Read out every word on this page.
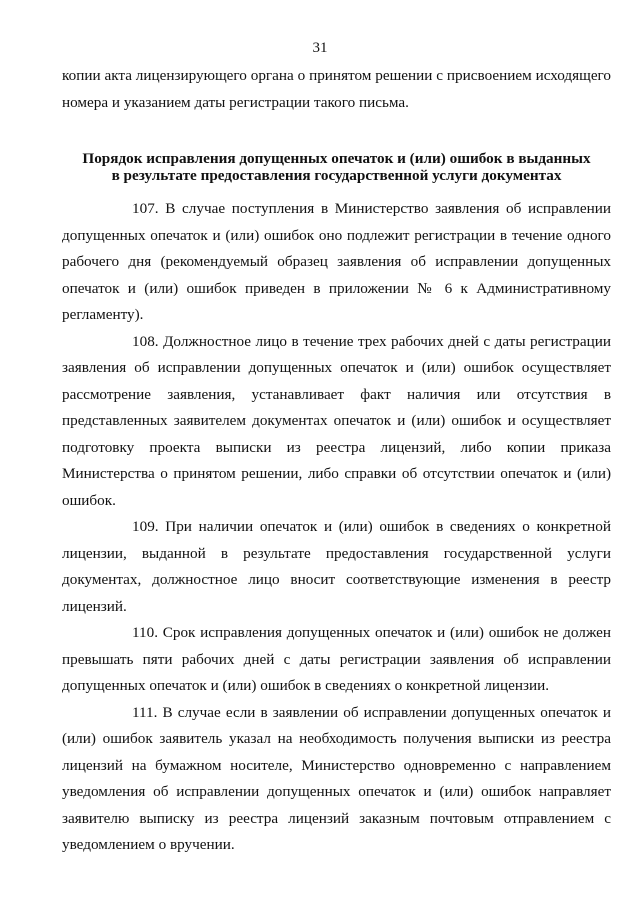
31

копии акта лицензирующего органа о принятом решении с присвоением исходящего номера и указанием даты регистрации такого письма.

Порядок исправления допущенных опечаток и (или) ошибок в выданных
в результате предоставления государственной услуги документах

107. В случае поступления в Министерство заявления об исправлении допущенных опечаток и (или) ошибок оно подлежит регистрации в течение одного рабочего дня (рекомендуемый образец заявления об исправлении допущенных опечаток и (или) ошибок приведен в приложении № 6 к Административному регламенту).

108. Должностное лицо в течение трех рабочих дней с даты регистрации заявления об исправлении допущенных опечаток и (или) ошибок осуществляет рассмотрение заявления, устанавливает факт наличия или отсутствия в представленных заявителем документах опечаток и (или) ошибок и осуществляет подготовку проекта выписки из реестра лицензий, либо копии приказа Министерства о принятом решении, либо справки об отсутствии опечаток и (или) ошибок.

109. При наличии опечаток и (или) ошибок в сведениях о конкретной лицензии, выданной в результате предоставления государственной услуги документах, должностное лицо вносит соответствующие изменения в реестр лицензий.

110. Срок исправления допущенных опечаток и (или) ошибок не должен превышать пяти рабочих дней с даты регистрации заявления об исправлении допущенных опечаток и (или) ошибок в сведениях о конкретной лицензии.

111. В случае если в заявлении об исправлении допущенных опечаток и (или) ошибок заявитель указал на необходимость получения выписки из реестра лицензий на бумажном носителе, Министерство одновременно с направлением уведомления об исправлении допущенных опечаток и (или) ошибок направляет заявителю выписку из реестра лицензий заказным почтовым отправлением с уведомлением о вручении.
